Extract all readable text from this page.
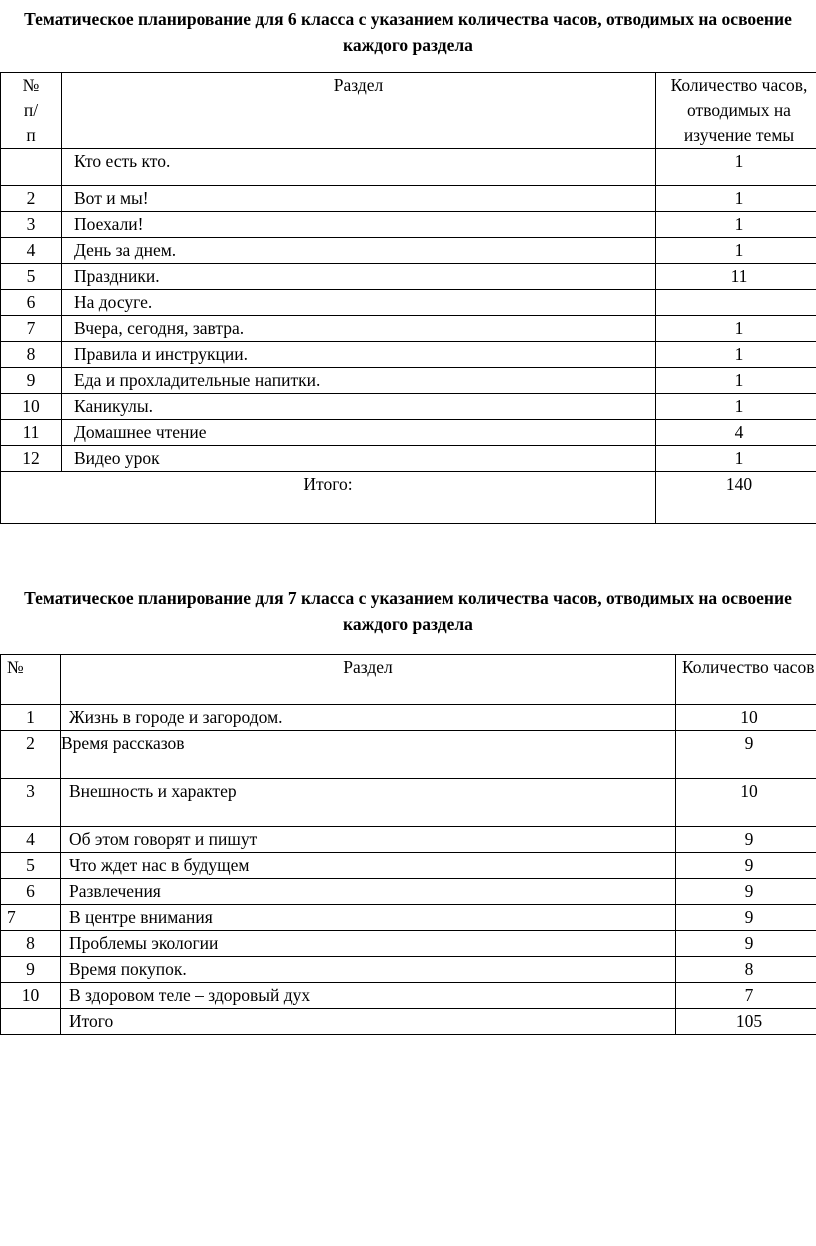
Тематическое планирование для 6 класса с указанием количества часов, отводимых на освоение каждого раздела
№ п/п	Раздел	Количество часов, отводимых на изучение темы
	Кто есть кто.	1
2	Вот и мы!	1
3	Поехали!	1
4	День за днем.	1
5	Праздники.	11
6	На досуге.	
7	Вчера, сегодня, завтра.	1
8	Правила и инструкции.	1
9	Еда и прохладительные напитки.	1
10	Каникулы.	1
11	Домашнее чтение	4
12	Видео урок	1
Итого:		140
Тематическое планирование для 7 класса с указанием количества часов, отводимых на освоение каждого раздела
№	Раздел	Количество часов
1	Жизнь в городе и загородом.	10
2	Время рассказов	9
3	Внешность и характер	10
4	Об этом говорят и пишут	9
5	Что ждет нас в будущем	9
6	Развлечения	9
7	В центре внимания	9
8	Проблемы экологии	9
9	Время покупок.	8
10	В здоровом теле – здоровый дух	7
	Итого	105
